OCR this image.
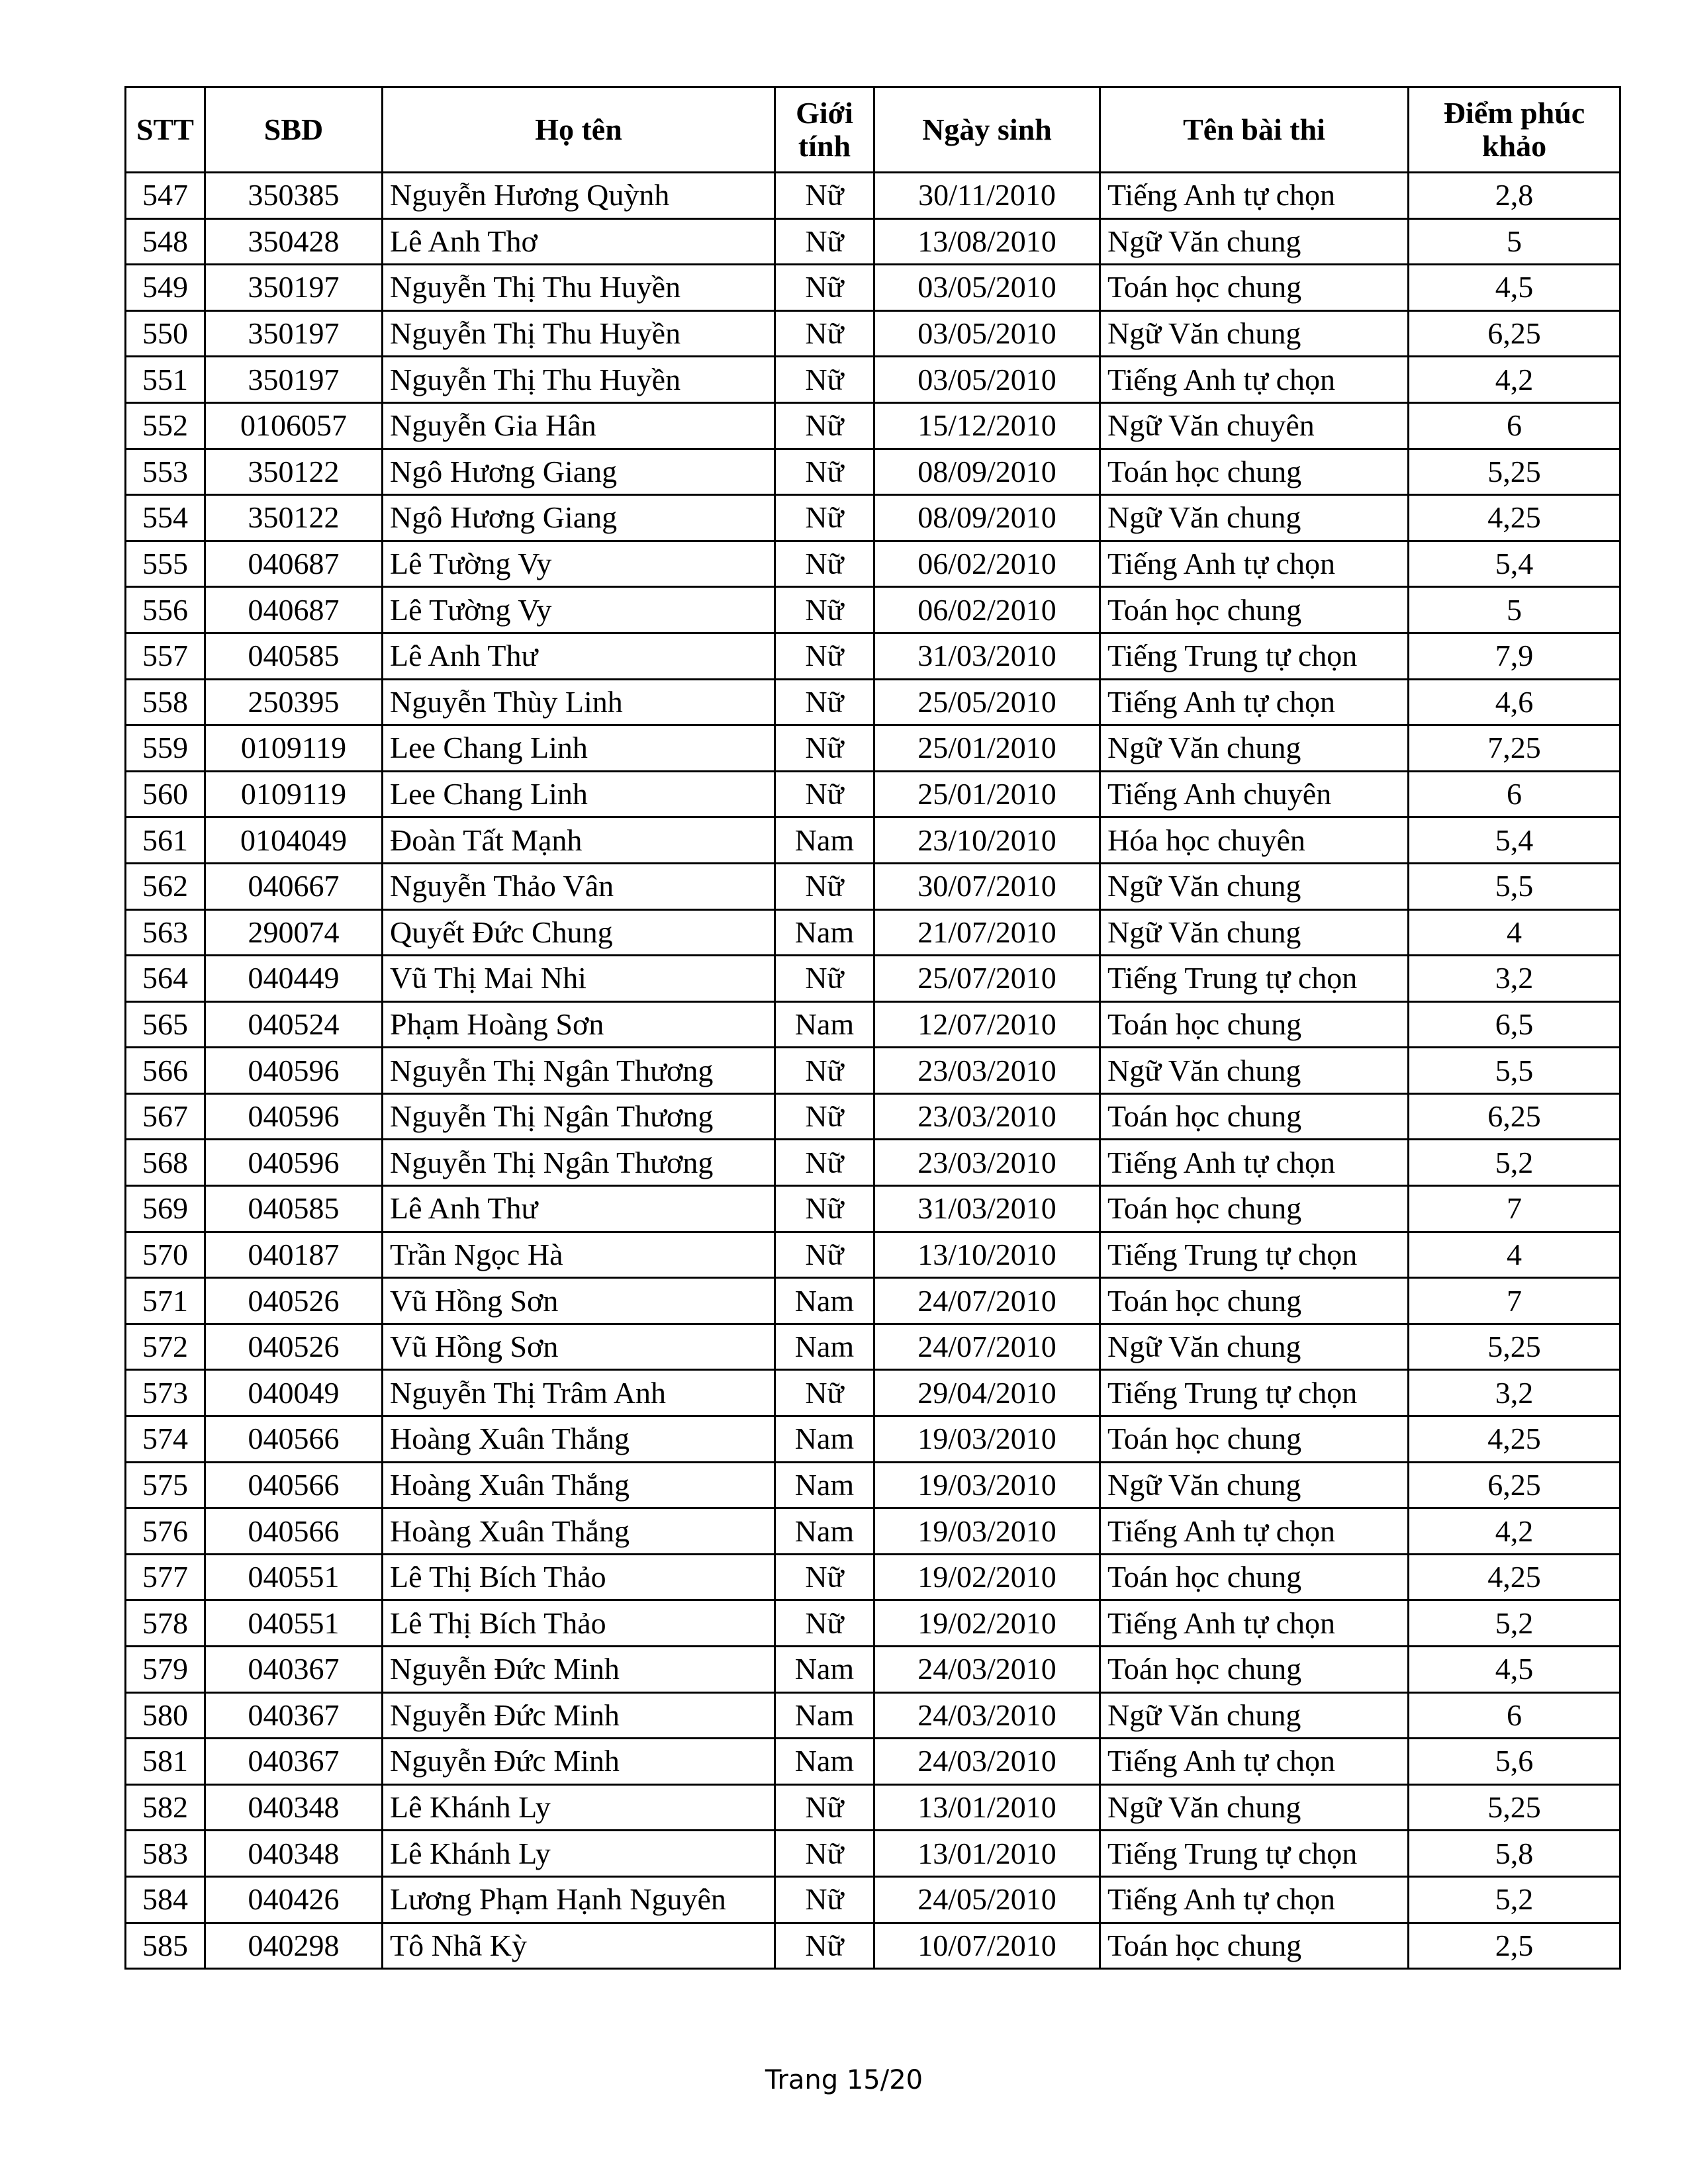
STT	SBD	Họ tên	Giới tính	Ngày sinh	Tên bài thi	Điểm phúc khảo
547	350385	Nguyễn Hương Quỳnh	Nữ	30/11/2010	Tiếng Anh tự chọn	2,8
548	350428	Lê Anh Thơ	Nữ	13/08/2010	Ngữ Văn chung	5
549	350197	Nguyễn Thị Thu Huyền	Nữ	03/05/2010	Toán học chung	4,5
550	350197	Nguyễn Thị Thu Huyền	Nữ	03/05/2010	Ngữ Văn chung	6,25
551	350197	Nguyễn Thị Thu Huyền	Nữ	03/05/2010	Tiếng Anh tự chọn	4,2
552	0106057	Nguyễn Gia Hân	Nữ	15/12/2010	Ngữ Văn chuyên	6
553	350122	Ngô Hương Giang	Nữ	08/09/2010	Toán học chung	5,25
554	350122	Ngô Hương Giang	Nữ	08/09/2010	Ngữ Văn chung	4,25
555	040687	Lê Tường Vy	Nữ	06/02/2010	Tiếng Anh tự chọn	5,4
556	040687	Lê Tường Vy	Nữ	06/02/2010	Toán học chung	5
557	040585	Lê Anh Thư	Nữ	31/03/2010	Tiếng Trung tự chọn	7,9
558	250395	Nguyễn Thùy Linh	Nữ	25/05/2010	Tiếng Anh tự chọn	4,6
559	0109119	Lee Chang Linh	Nữ	25/01/2010	Ngữ Văn chung	7,25
560	0109119	Lee Chang Linh	Nữ	25/01/2010	Tiếng Anh chuyên	6
561	0104049	Đoàn Tất Mạnh	Nam	23/10/2010	Hóa học chuyên	5,4
562	040667	Nguyễn Thảo Vân	Nữ	30/07/2010	Ngữ Văn chung	5,5
563	290074	Quyết Đức Chung	Nam	21/07/2010	Ngữ Văn chung	4
564	040449	Vũ Thị Mai Nhi	Nữ	25/07/2010	Tiếng Trung tự chọn	3,2
565	040524	Phạm Hoàng Sơn	Nam	12/07/2010	Toán học chung	6,5
566	040596	Nguyễn Thị Ngân Thương	Nữ	23/03/2010	Ngữ Văn chung	5,5
567	040596	Nguyễn Thị Ngân Thương	Nữ	23/03/2010	Toán học chung	6,25
568	040596	Nguyễn Thị Ngân Thương	Nữ	23/03/2010	Tiếng Anh tự chọn	5,2
569	040585	Lê Anh Thư	Nữ	31/03/2010	Toán học chung	7
570	040187	Trần Ngọc Hà	Nữ	13/10/2010	Tiếng Trung tự chọn	4
571	040526	Vũ Hồng Sơn	Nam	24/07/2010	Toán học chung	7
572	040526	Vũ Hồng Sơn	Nam	24/07/2010	Ngữ Văn chung	5,25
573	040049	Nguyễn Thị Trâm Anh	Nữ	29/04/2010	Tiếng Trung tự chọn	3,2
574	040566	Hoàng Xuân Thắng	Nam	19/03/2010	Toán học chung	4,25
575	040566	Hoàng Xuân Thắng	Nam	19/03/2010	Ngữ Văn chung	6,25
576	040566	Hoàng Xuân Thắng	Nam	19/03/2010	Tiếng Anh tự chọn	4,2
577	040551	Lê Thị Bích Thảo	Nữ	19/02/2010	Toán học chung	4,25
578	040551	Lê Thị Bích Thảo	Nữ	19/02/2010	Tiếng Anh tự chọn	5,2
579	040367	Nguyễn Đức Minh	Nam	24/03/2010	Toán học chung	4,5
580	040367	Nguyễn Đức Minh	Nam	24/03/2010	Ngữ Văn chung	6
581	040367	Nguyễn Đức Minh	Nam	24/03/2010	Tiếng Anh tự chọn	5,6
582	040348	Lê Khánh Ly	Nữ	13/01/2010	Ngữ Văn chung	5,25
583	040348	Lê Khánh Ly	Nữ	13/01/2010	Tiếng Trung tự chọn	5,8
584	040426	Lương Phạm Hạnh Nguyên	Nữ	24/05/2010	Tiếng Anh tự chọn	5,2
585	040298	Tô Nhã Kỳ	Nữ	10/07/2010	Toán học chung	2,5
Trang 15/20
